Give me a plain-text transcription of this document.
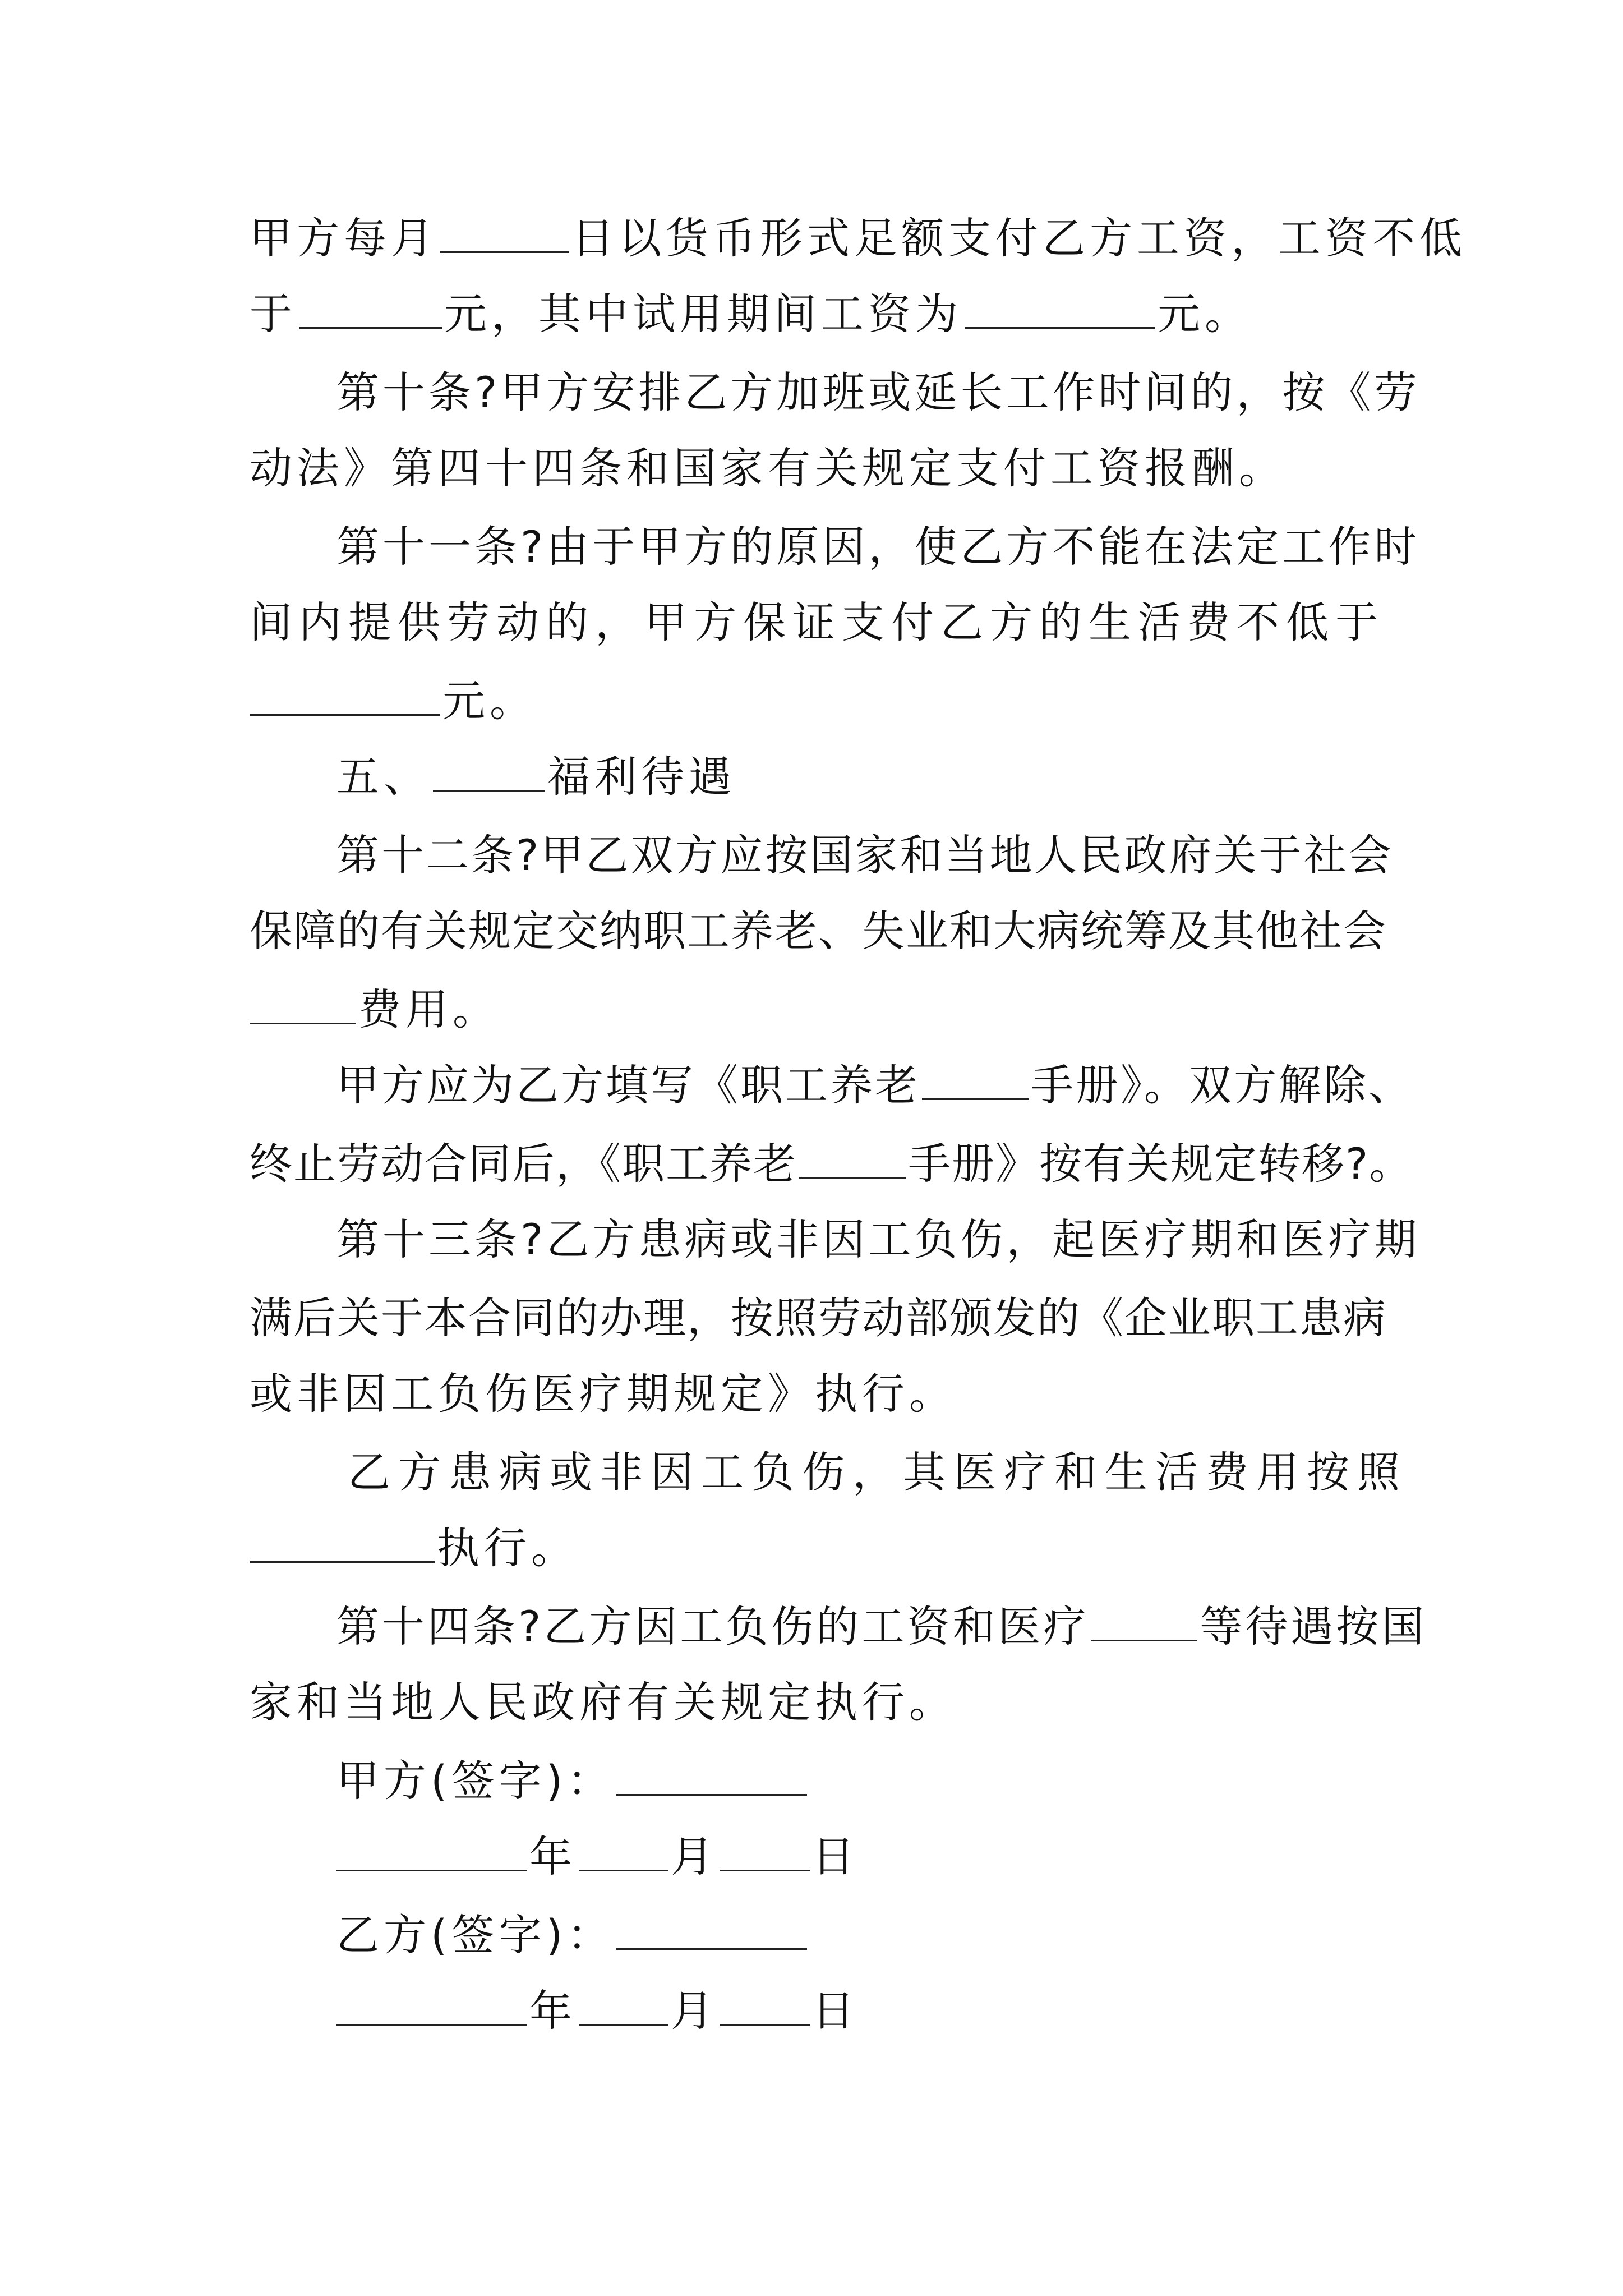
甲方每月	日以货币形式足额支付乙方工资，工资不低
于	元，其中试用期间工资为	元。
第十条?甲方安排乙方加班或延长工作时间的，按《劳
动法》第四十四条和国家有关规定支付工资报酬。
第十一条?由于甲方的原因，使乙方不能在法定工作时
间内提供劳动的，甲方保证支付乙方的生活费不低于
元。
五、	福利待遇
第十二条?甲乙双方应按国家和当地人民政府关于社会
保障的有关规定交纳职工养老、失业和大病统筹及其他社会
费用。
甲方应为乙方填写《职工养老	手册》。双方解除、
终止劳动合同后，《职工养老	手册》按有关规定转移?。
第十三条?乙方患病或非因工负伤，起医疗期和医疗期
满后关于本合同的办理，按照劳动部颁发的《企业职工患病
或非因工负伤医疗期规定》执行。
乙方患病或非因工负伤，其医疗和生活费用按照
执行。
第十四条?乙方因工负伤的工资和医疗	等待遇按国
家和当地人民政府有关规定执行。
甲方(签字)：
年 月 日
乙方(签字)：
年 月 日
